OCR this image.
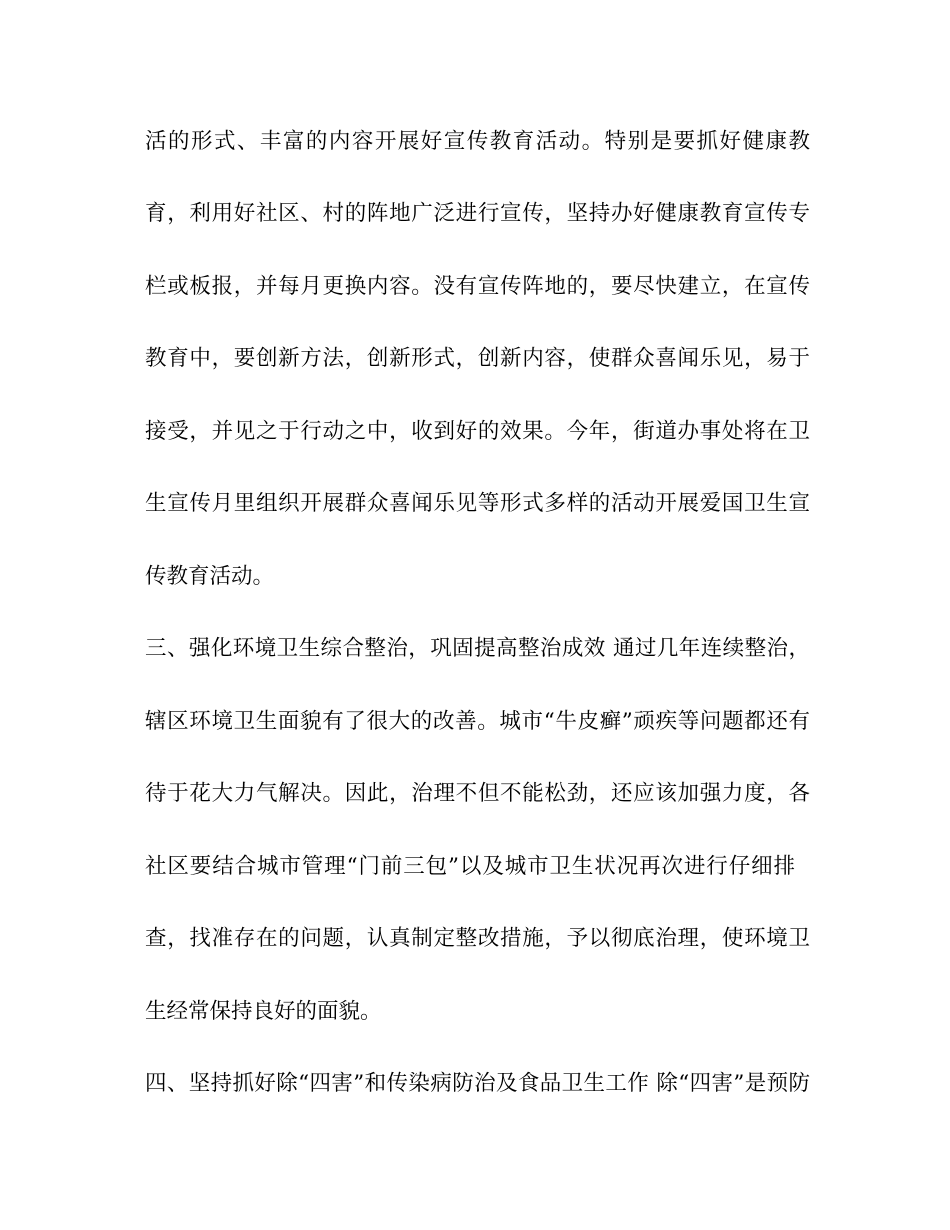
活的形式、丰富的内容开展好宣传教育活动。特别是要抓好健康教
育，利用好社区、村的阵地广泛进行宣传，坚持办好健康教育宣传专
栏或板报，并每月更换内容。没有宣传阵地的，要尽快建立，在宣传
教育中，要创新方法，创新形式，创新内容，使群众喜闻乐见，易于
接受，并见之于行动之中，收到好的效果。今年，街道办事处将在卫
生宣传月里组织开展群众喜闻乐见等形式多样的活动开展爱国卫生宣
传教育活动。
三、强化环境卫生综合整治，巩固提高整治成效 通过几年连续整治，
辖区环境卫生面貌有了很大的改善。城市“牛皮癣”顽疾等问题都还有
待于花大力气解决。因此，治理不但不能松劲，还应该加强力度，各
社区要结合城市管理“门前三包”以及城市卫生状况再次进行仔细排
查，找准存在的问题，认真制定整改措施，予以彻底治理，使环境卫
生经常保持良好的面貌。
四、坚持抓好除“四害”和传染病防治及食品卫生工作 除“四害”是预防
